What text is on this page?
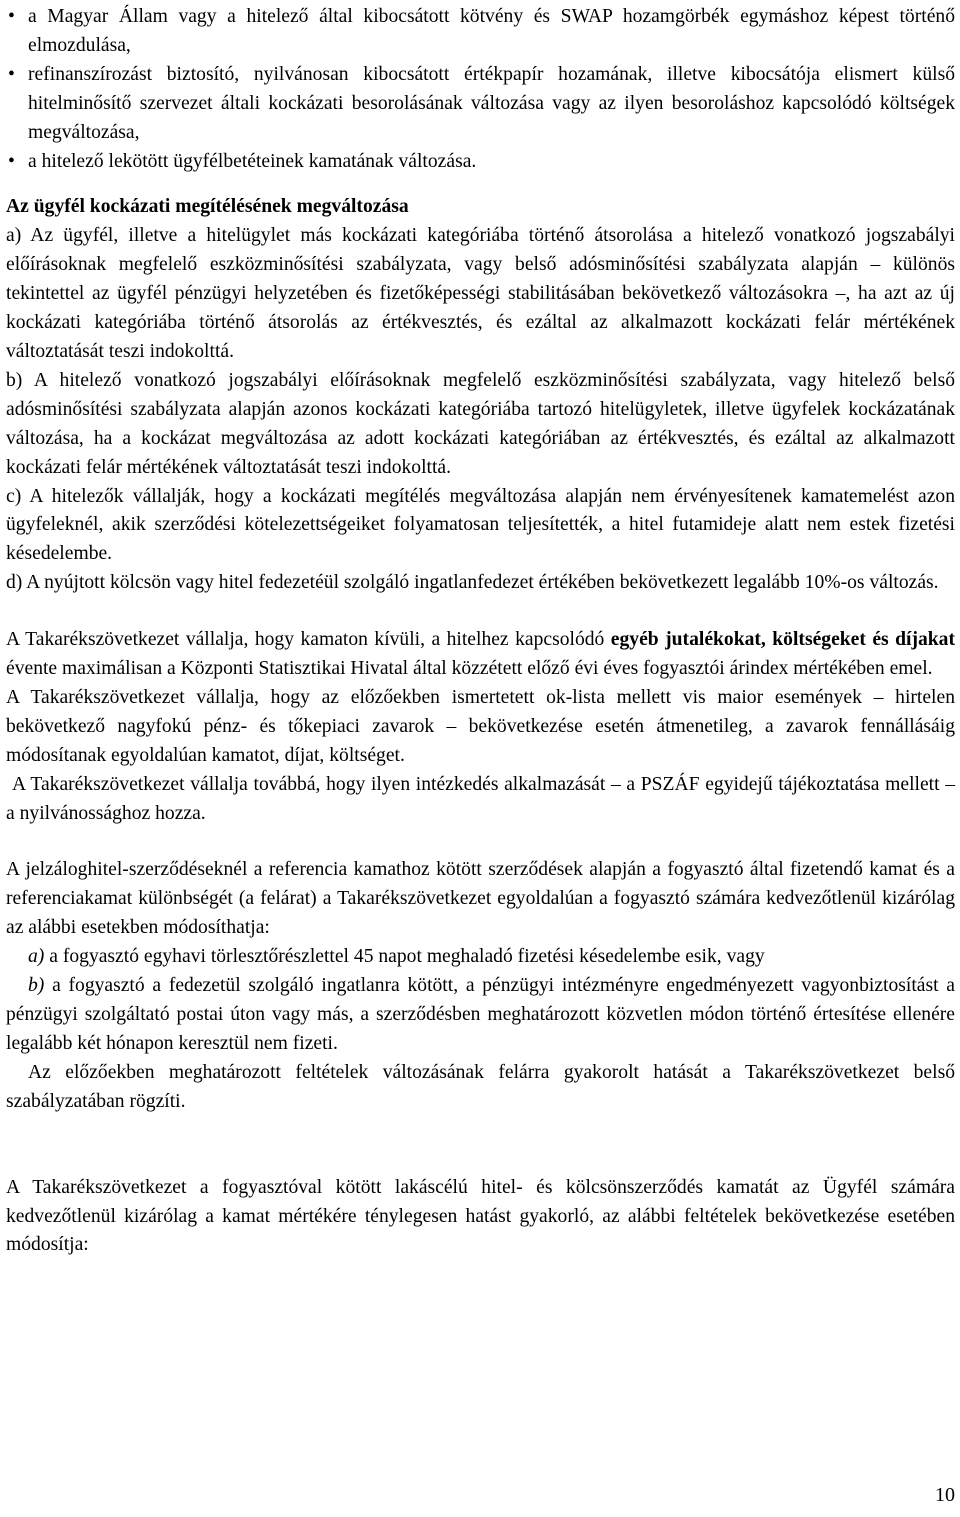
• a Magyar Állam vagy a hitelező által kibocsátott kötvény és SWAP hozamgörbék egymáshoz képest történő elmozdulása,
• refinanszírozást biztosító, nyilvánosan kibocsátott értékpapír hozamának, illetve kibocsátója elismert külső hitelminősítő szervezet általi kockázati besorolásának változása vagy az ilyen besoroláshoz kapcsolódó költségek megváltozása,
• a hitelező lekötött ügyfélbetéteinek kamatának változása.

Az ügyfél kockázati megítélésének megváltozása

a) Az ügyfél, illetve a hitelügylet más kockázati kategóriába történő átsorolása a hitelező vonatkozó jogszabályi előírásoknak megfelelő eszközminősítési szabályzata, vagy belső adósminősítési szabályzata alapján – különös tekintettel az ügyfél pénzügyi helyzetében és fizetőképességi stabilitásában bekövetkező változásokra –, ha azt az új kockázati kategóriába történő átsorolás az értékvesztés, és ezáltal az alkalmazott kockázati felár mértékének változtatását teszi indokolttá.

b) A hitelező vonatkozó jogszabályi előírásoknak megfelelő eszközminősítési szabályzata, vagy hitelező belső adósminősítési szabályzata alapján azonos kockázati kategóriába tartozó hitelügyletek, illetve ügyfelek kockázatának változása, ha a kockázat megváltozása az adott kockázati kategóriában az értékvesztés, és ezáltal az alkalmazott kockázati felár mértékének változtatását teszi indokolttá.

c) A hitelezők vállalják, hogy a kockázati megítélés megváltozása alapján nem érvényesítenek kamatemelést azon ügyfeleknél, akik szerződési kötelezettségeiket folyamatosan teljesítették, a hitel futamideje alatt nem estek fizetési késedelembe.

d) A nyújtott kölcsön vagy hitel fedezetéül szolgáló ingatlanfedezet értékében bekövetkezett legalább 10%-os változás.

A Takarékszövetkezet vállalja, hogy kamaton kívüli, a hitelhez kapcsolódó egyéb jutalékokat, költségeket és díjakat évente maximálisan a Központi Statisztikai Hivatal által közzétett előző évi éves fogyasztói árindex mértékében emel.

A Takarékszövetkezet vállalja, hogy az előzőekben ismertetett ok-lista mellett vis maior események – hirtelen bekövetkező nagyfokú pénz- és tőkepiaci zavarok – bekövetkezése esetén átmenetileg, a zavarok fennállásáig módosítanak egyoldalúan kamatot, díjat, költséget.

A Takarékszövetkezet vállalja továbbá, hogy ilyen intézkedés alkalmazását – a PSZÁF egyidejű tájékoztatása mellett – a nyilvánossághoz hozza.

A jelzáloghitel-szerződéseknél a referencia kamathoz kötött szerződések alapján a fogyasztó által fizetendő kamat és a referenciakamat különbségét (a felárat) a Takarékszövetkezet egyoldalúan a fogyasztó számára kedvezőtlenül kizárólag az alábbi esetekben módosíthatja:

a) a fogyasztó egyhavi törlesztőrészlettel 45 napot meghaladó fizetési késedelembe esik, vagy

b) a fogyasztó a fedezetül szolgáló ingatlanra kötött, a pénzügyi intézményre engedményezett vagyonbiztosítást a pénzügyi szolgáltató postai úton vagy más, a szerződésben meghatározott közvetlen módon történő értesítése ellenére legalább két hónapon keresztül nem fizeti.

Az előzőekben meghatározott feltételek változásának felárra gyakorolt hatását a Takarékszövetkezet belső szabályzatában rögzíti.

A Takarékszövetkezet a fogyasztóval kötött lakáscélú hitel- és kölcsönszerződés kamatát az Ügyfél számára kedvezőtlenül kizárólag a kamat mértékére ténylegesen hatást gyakorló, az alábbi feltételek bekövetkezése esetében módosítja:

10
